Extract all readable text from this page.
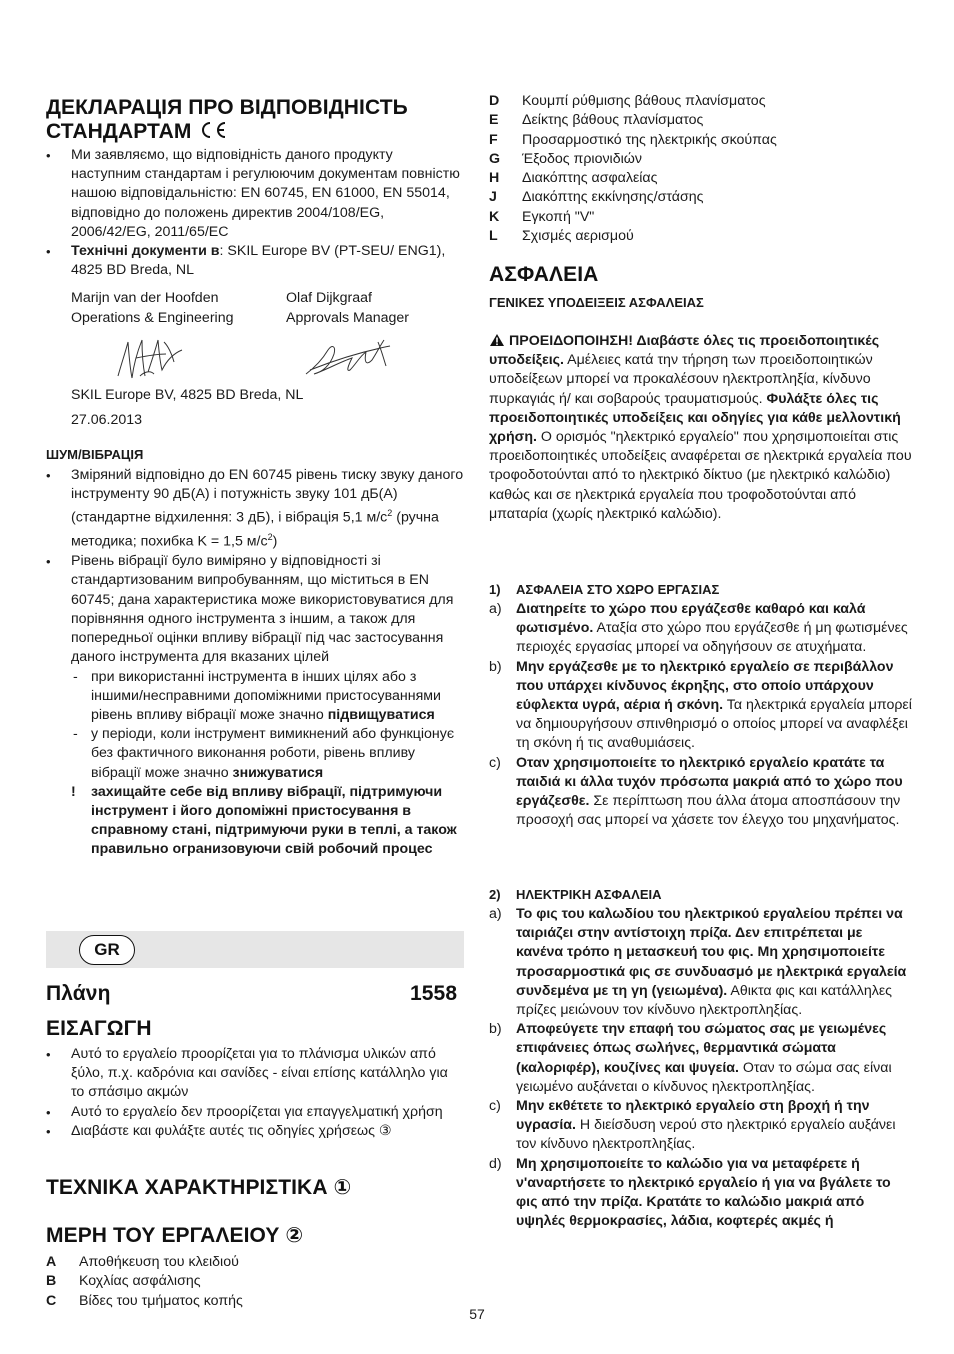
ДЕКЛАРАЦІЯ ПРО ВІДПОВІДНІСТЬ
СТАНДАРТАМ
• Ми заявляємо, що відповідність даного продукту наступним стандартам і регулюючим документам повністю нашою відповідальністю: EN 60745, EN 61000, EN 55014, відповідно до положень директив 2004/108/EG, 2006/42/EG, 2011/65/EC
• Технічні документи в: SKIL Europe BV (PT-SEU/ ENG1), 4825 BD Breda, NL
Marijn van der Hoofden
Operations & Engineering
Olaf Dijkgraaf
Approvals Manager
SKIL Europe BV, 4825 BD Breda, NL
27.06.2013
ШУМ/ВІБРАЦІЯ
• Зміряний відповідно до EN 60745 рівень тиску звуку даного інструменту 90 дБ(A) і потужність звуку 101 дБ(A) (стандартне відхилення: 3 дБ), і вібрація 5,1 $м/с^2$ (ручна методика; похибка K = 1,5 $м/с^2$)
• Рівень вібрації було виміряно у відповідності зі стандартизованим випробуванням, що міститься в EN 60745; дана характеристика може використовуватися для порівняння одного інструмента з іншим, а також для попередньої оцінки впливу вібрації під час застосування даного інструмента для вказаних цілей
- при використанні інструмента в інших цілях або з іншими/несправними допоміжними пристосуваннями рівень впливу вібрації може значно підвищуватися
- у періоди, коли інструмент вимикнений або функціонує без фактичного виконання роботи, рівень впливу вібрації може значно знижуватися
! захищайте себе від впливу вібрації, підтримуючи інструмент і його допоміжні пристосування в справному стані, підтримуючи руки в теплі, а також правильно огранизовуючи свій робочий процес
GR
Πλάνη	1558
ΕΙΣΑΓΩΓΗ
• Αυτό το εργαλείο προορίζεται για το πλάνισμα υλικών από ξύλο, π.χ. καδρόνια και σανίδες - είναι επίσης κατάλληλο για το σπάσιμο ακμών
• Αυτό το εργαλείο δεν προορίζεται για επαγγελματική χρήση
• Διαβάστε και φυλάξτε αυτές τις οδηγίες χρήσεως ③
ΤΕΧΝΙΚΑ ΧΑΡΑΚΤΗΡΙΣΤΙΚΑ ①
ΜΕΡΗ ΤΟΥ ΕΡΓΑΛΕΙΟΥ ②
A Αποθήκευση του κλειδιού
B Κοχλίας ασφάλισης
C Βίδες του τμήματος κοπής
D Κουμπί ρύθμισης βάθους πλανίσματος
E Δείκτης βάθους πλανίσματος
F Προσαρμοστικό της ηλεκτρικής σκούπας
G Έξοδος πριονιδιών
H Διακόπτης ασφαλείας
J Διακόπτης εκκίνησης/στάσης
K Εγκοπή "V"
L Σχισμές αερισμού
ΑΣΦΑΛΕΙΑ
ΓΕΝΙΚΕΣ ΥΠΟΔΕΙΞΕΙΣ ΑΣΦΑΛΕΙΑΣ

ΠΡΟΕΙΔΟΠΟΙΗΣΗ! Διαβάστε όλες τις προειδοποιητικές υποδείξεις. Αμέλειες κατά την τήρηση των προειδοποιητικών υποδείξεων μπορεί να προκαλέσουν ηλεκτροπληξία, κίνδυνο πυρκαγιάς ή/ και σοβαρούς τραυματισμούς. Φυλάξτε όλες τις προειδοποιητικές υποδείξεις και οδηγίες για κάθε μελλοντική χρήση. Ο ορισμός "ηλεκτρικό εργαλείο" που χρησιμοποιείται στις προειδοποιητικές υποδείξεις αναφέρεται σε ηλεκτρικά εργαλεία που τροφοδοτούνται από το ηλεκτρικό δίκτυο (με ηλεκτρικό καλώδιο) καθώς και σε ηλεκτρικά εργαλεία που τροφοδοτούνται από μπαταρία (χωρίς ηλεκτρικό καλώδιο).

1) ΑΣΦΑΛΕΙΑ ΣΤΟ ΧΩΡΟ ΕΡΓΑΣΙΑΣ
a) Διατηρείτε το χώρο που εργάζεσθε καθαρό και καλά φωτισμένο. Αταξία στο χώρο που εργάζεσθε ή μη φωτισμένες περιοχές εργασίας μπορεί να οδηγήσουν σε ατυχήματα.
b) Μην εργάζεσθε με το ηλεκτρικό εργαλείο σε περιβάλλον που υπάρχει κίνδυνος έκρηξης, στο οποίο υπάρχουν εύφλεκτα υγρά, αέρια ή σκόνη. Τα ηλεκτρικά εργαλεία μπορεί να δημιουργήσουν σπινθηρισμό ο οποίος μπορεί να αναφλέξει τη σκόνη ή τις αναθυμιάσεις.
c) Οταν χρησιμοποιείτε το ηλεκτρικό εργαλείο κρατάτε τα παιδιά κι άλλα τυχόν πρόσωπα μακριά από το χώρο που εργάζεσθε. Σε περίπτωση που άλλα άτομα αποσπάσουν την προσοχή σας μπορεί να χάσετε τον έλεγχο του μηχανήματος.
2) ΗΛΕΚΤΡΙΚΗ ΑΣΦΑΛΕΙΑ
a) Το φις του καλωδίου του ηλεκτρικού εργαλείου πρέπει να ταιριάζει στην αντίστοιχη πρίζα. Δεν επιτρέπεται με κανένα τρόπο η μετασκευή του φις. Μη χρησιμοποιείτε προσαρμοστικά φις σε συνδυασμό με ηλεκτρικά εργαλεία συνδεμένα με τη γη (γειωμένα). Αθικτα φις και κατάλληλες πρίζες μειώνουν τον κίνδυνο ηλεκτροπληξίας.
b) Αποφεύγετε την επαφή του σώματος σας με γειωμένες επιφάνειες όπως σωλήνες, θερμαντικά σώματα (καλοριφέρ), κουζίνες και ψυγεία. Οταν το σώμα σας είναι γειωμένο αυξάνεται ο κίνδυνος ηλεκτροπληξίας.
c) Μην εκθέτετε το ηλεκτρικό εργαλείο στη βροχή ή την υγρασία. Η διείσδυση νερού στο ηλεκτρικό εργαλείο αυξάνει τον κίνδυνο ηλεκτροπληξίας.
d) Μη χρησιμοποιείτε το καλώδιο για να μεταφέρετε ή ν'αναρτήσετε το ηλεκτρικό εργαλείο ή για να βγάλετε το φις από την πρίζα. Κρατάτε το καλώδιο μακριά από υψηλές θερμοκρασίες, λάδια, κοφτερές ακμές ή
57
